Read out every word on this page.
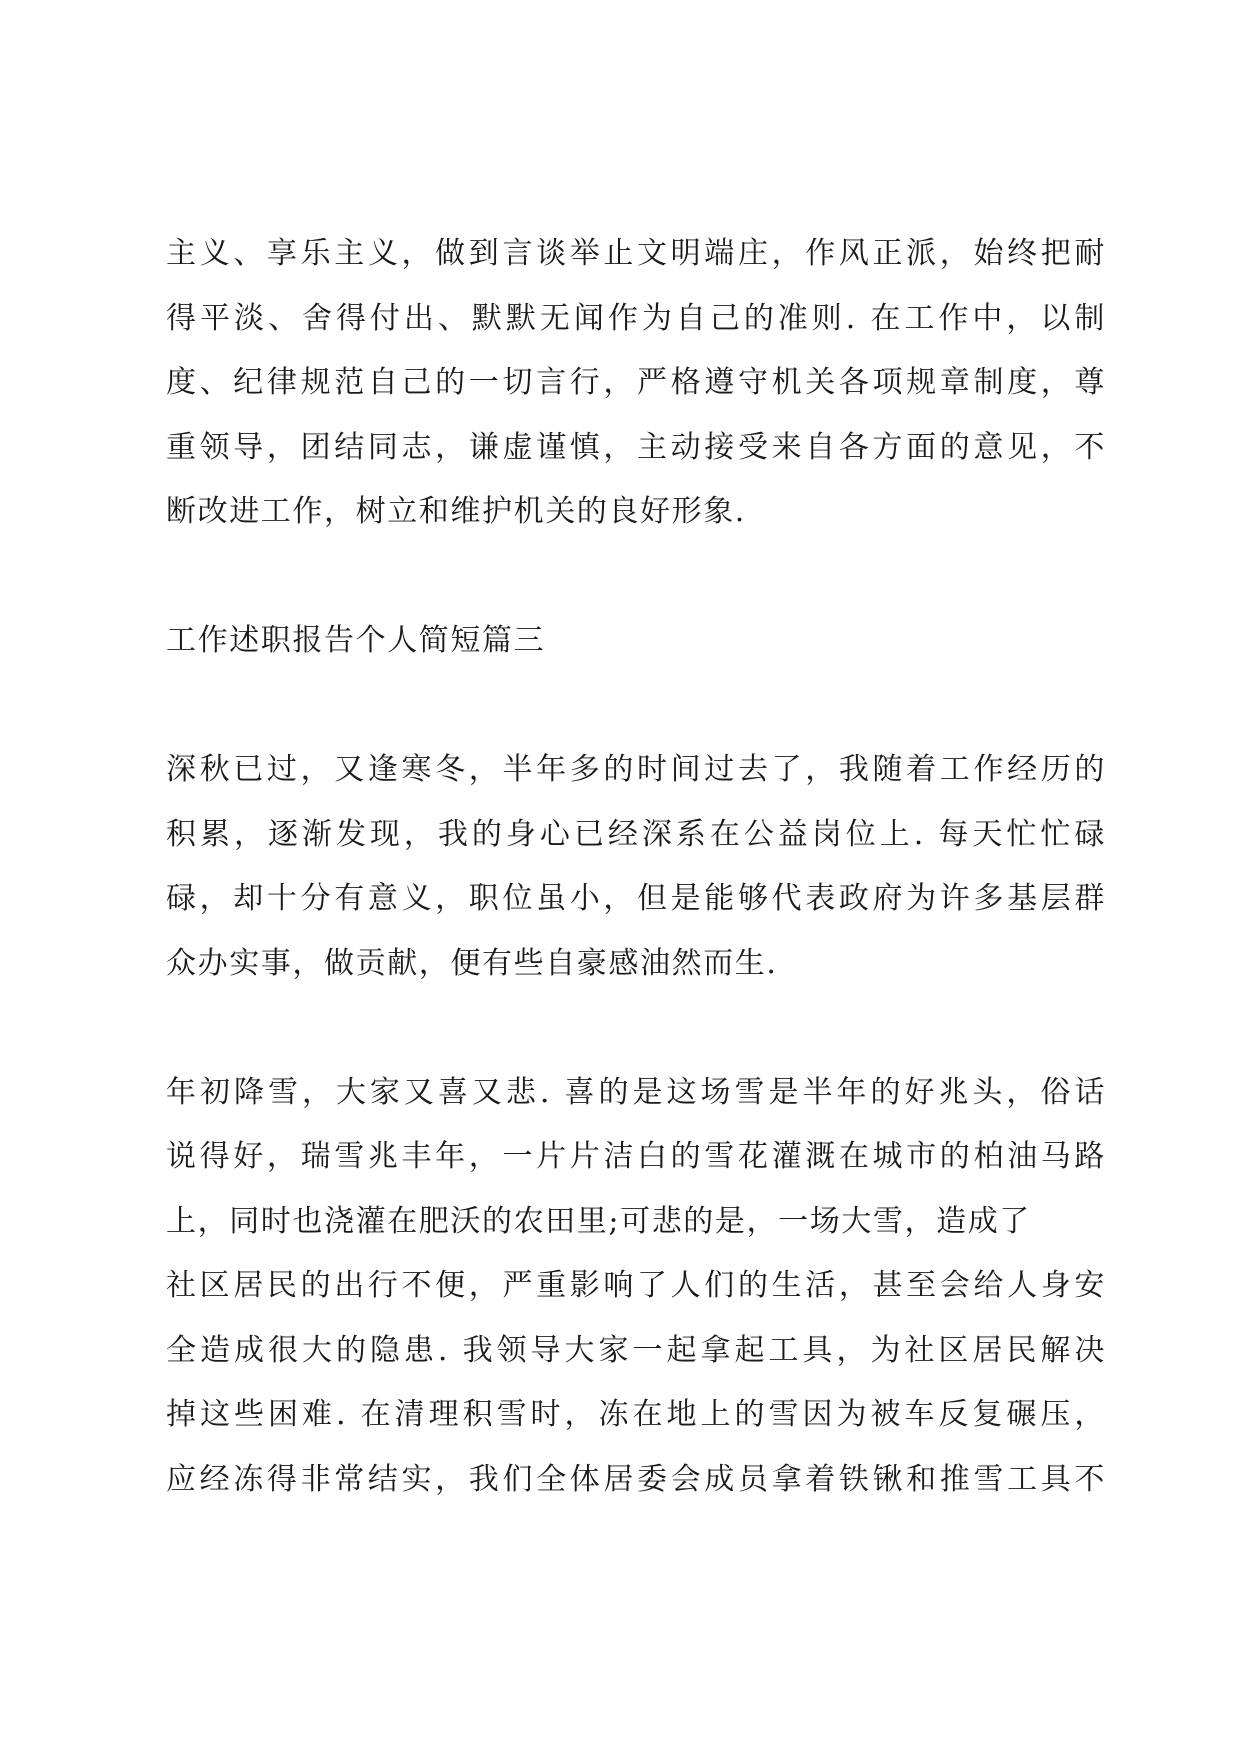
主义、享乐主义，做到言谈举止文明端庄，作风正派，始终把耐
得平淡、舍得付出、默默无闻作为自己的准则. 在工作中，以制
度、纪律规范自己的一切言行，严格遵守机关各项规章制度，尊
重领导，团结同志，谦虚谨慎，主动接受来自各方面的意见，不
断改进工作，树立和维护机关的良好形象.
工作述职报告个人简短篇三
深秋已过，又逢寒冬，半年多的时间过去了，我随着工作经历的
积累，逐渐发现，我的身心已经深系在公益岗位上. 每天忙忙碌
碌，却十分有意义，职位虽小，但是能够代表政府为许多基层群
众办实事，做贡献，便有些自豪感油然而生.
年初降雪，大家又喜又悲. 喜的是这场雪是半年的好兆头，俗话
说得好，瑞雪兆丰年，一片片洁白的雪花灌溉在城市的柏油马路
上，同时也浇灌在肥沃的农田里;可悲的是，一场大雪，造成了
社区居民的出行不便，严重影响了人们的生活，甚至会给人身安
全造成很大的隐患. 我领导大家一起拿起工具，为社区居民解决
掉这些困难. 在清理积雪时，冻在地上的雪因为被车反复碾压，
应经冻得非常结实，我们全体居委会成员拿着铁锹和推雪工具不
